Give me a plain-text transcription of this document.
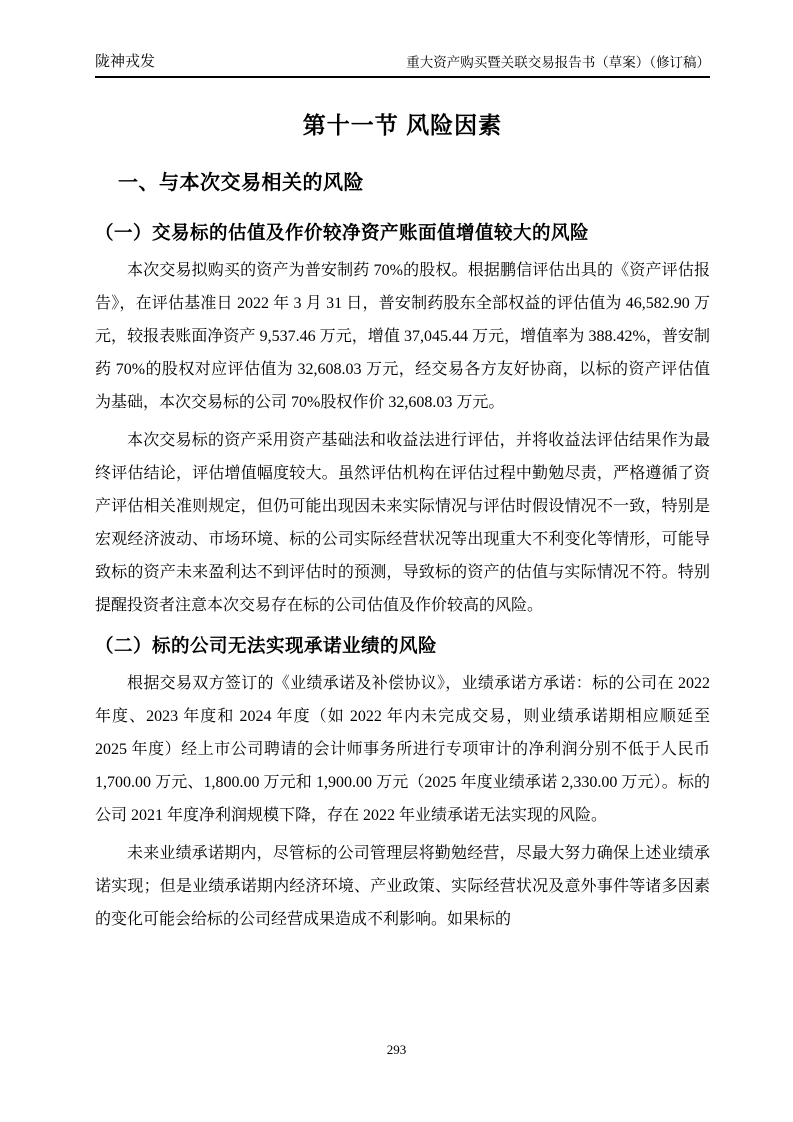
陇神戎发	重大资产购买暨关联交易报告书（草案）（修订稿）
第十一节 风险因素
一、与本次交易相关的风险
（一）交易标的估值及作价较净资产账面值增值较大的风险

本次交易拟购买的资产为普安制药 70%的股权。根据鹏信评估出具的《资产评估报告》，在评估基准日 2022 年 3 月 31 日，普安制药股东全部权益的评估值为 46,582.90 万元，较报表账面净资产 9,537.46 万元，增值 37,045.44 万元，增值率为 388.42%，普安制药 70%的股权对应评估值为 32,608.03 万元，经交易各方友好协商，以标的资产评估值为基础，本次交易标的公司 70%股权作价 32,608.03 万元。

本次交易标的资产采用资产基础法和收益法进行评估，并将收益法评估结果作为最终评估结论，评估增值幅度较大。虽然评估机构在评估过程中勤勉尽责，严格遵循了资产评估相关准则规定，但仍可能出现因未来实际情况与评估时假设情况不一致，特别是宏观经济波动、市场环境、标的公司实际经营状况等出现重大不利变化等情形，可能导致标的资产未来盈利达不到评估时的预测，导致标的资产的估值与实际情况不符。特别提醒投资者注意本次交易存在标的公司估值及作价较高的风险。

（二）标的公司无法实现承诺业绩的风险

根据交易双方签订的《业绩承诺及补偿协议》，业绩承诺方承诺：标的公司在 2022 年度、2023 年度和 2024 年度（如 2022 年内未完成交易，则业绩承诺期相应顺延至 2025 年度）经上市公司聘请的会计师事务所进行专项审计的净利润分别不低于人民币 1,700.00 万元、1,800.00 万元和 1,900.00 万元（2025 年度业绩承诺 2,330.00 万元）。标的公司 2021 年度净利润规模下降，存在 2022 年业绩承诺无法实现的风险。

未来业绩承诺期内，尽管标的公司管理层将勤勉经营，尽最大努力确保上述业绩承诺实现；但是业绩承诺期内经济环境、产业政策、实际经营状况及意外事件等诸多因素的变化可能会给标的公司经营成果造成不利影响。如果标的

293
